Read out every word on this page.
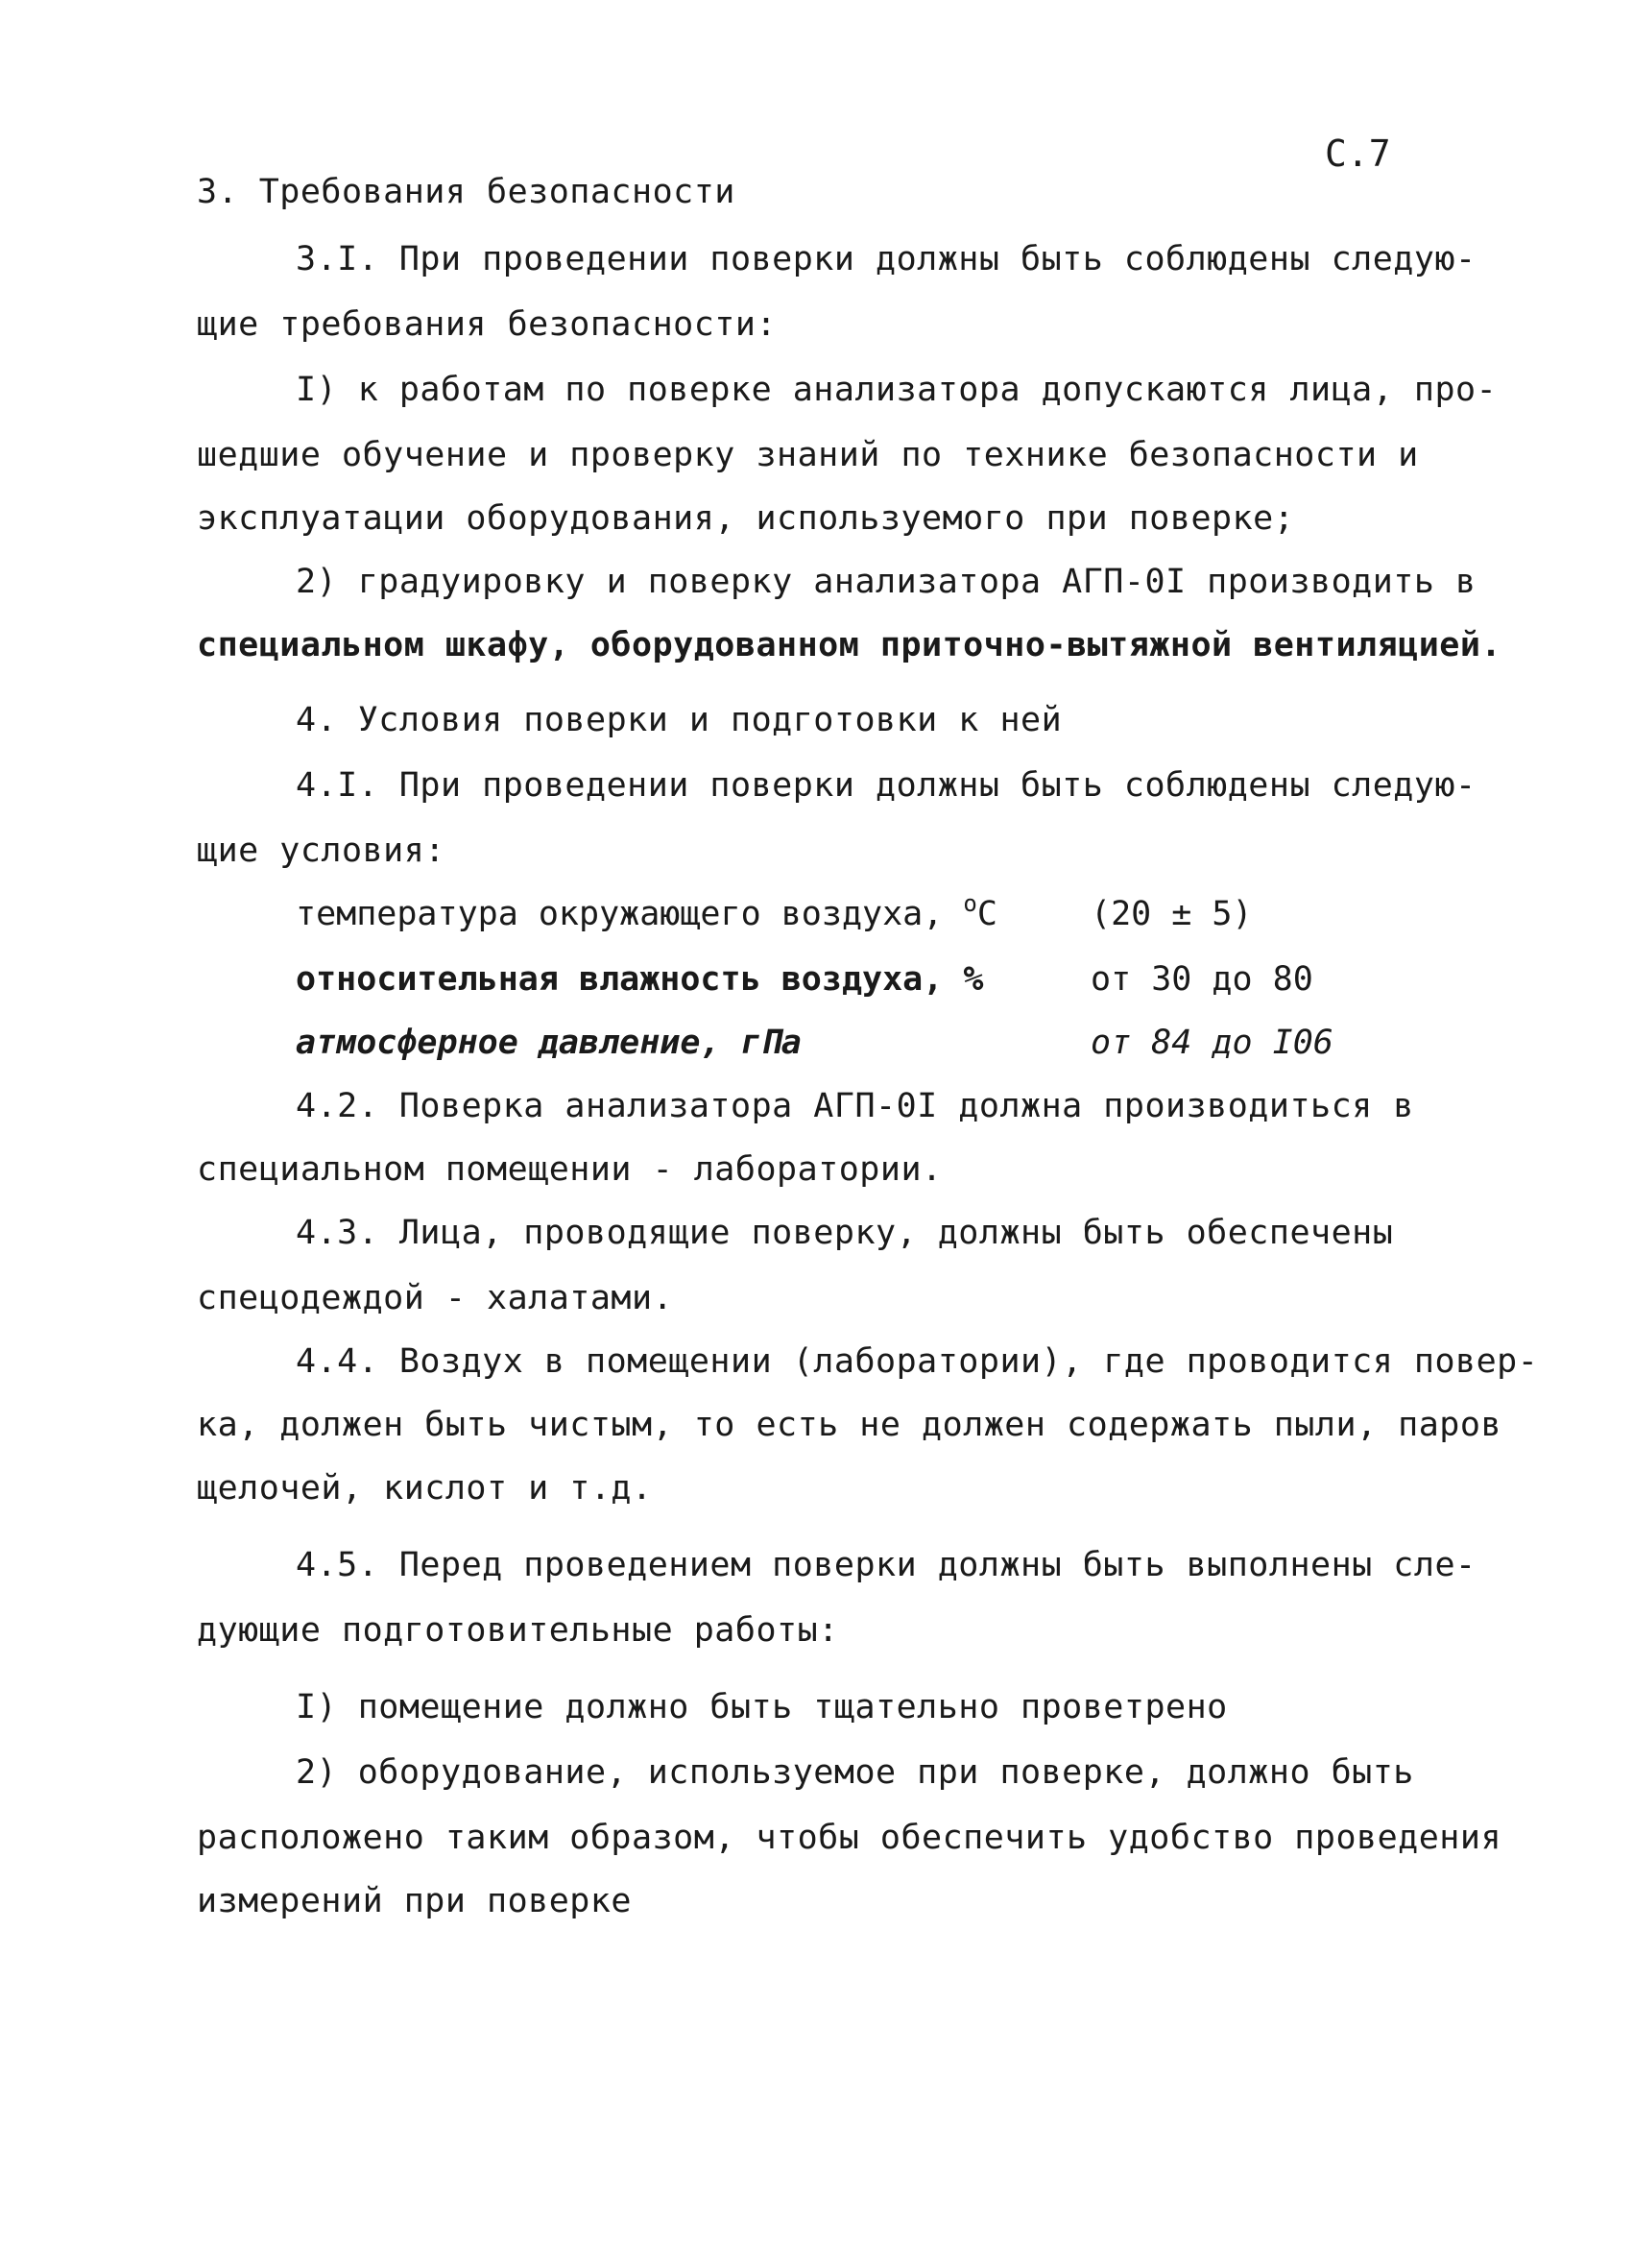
С.7
3. Требования безопасности
3.I. При проведении поверки должны быть соблюдены следую-
щие требования безопасности:
I) к работам по поверке анализатора допускаются лица, про-
шедшие обучение и проверку знаний по технике безопасности и
эксплуатации оборудования, используемого при поверке;
2) градуировку и поверку анализатора АГП-0I производить в
специальном шкафу, оборудованном приточно-вытяжной вентиляцией.
4. Условия поверки и подготовки к ней
4.I. При проведении поверки должны быть соблюдены следую-
щие условия:
температура окружающего воздуха, $^o$C	(20 ± 5)
относительная влажность воздуха, %	от 30 до 80
атмосферное давление, гПа	от 84 до I06
4.2. Поверка анализатора АГП-0I должна производиться в
специальном помещении - лаборатории.
4.3. Лица, проводящие поверку, должны быть обеспечены
спецодеждой - халатами.
4.4. Воздух в помещении (лаборатории), где проводится повер-
ка, должен быть чистым, то есть не должен содержать пыли, паров
щелочей, кислот и т.д.
4.5. Перед проведением поверки должны быть выполнены сле-
дующие подготовительные работы:
I) помещение должно быть тщательно проветрено
2) оборудование, используемое при поверке, должно быть
расположено таким образом, чтобы обеспечить удобство проведения
измерений при поверке
